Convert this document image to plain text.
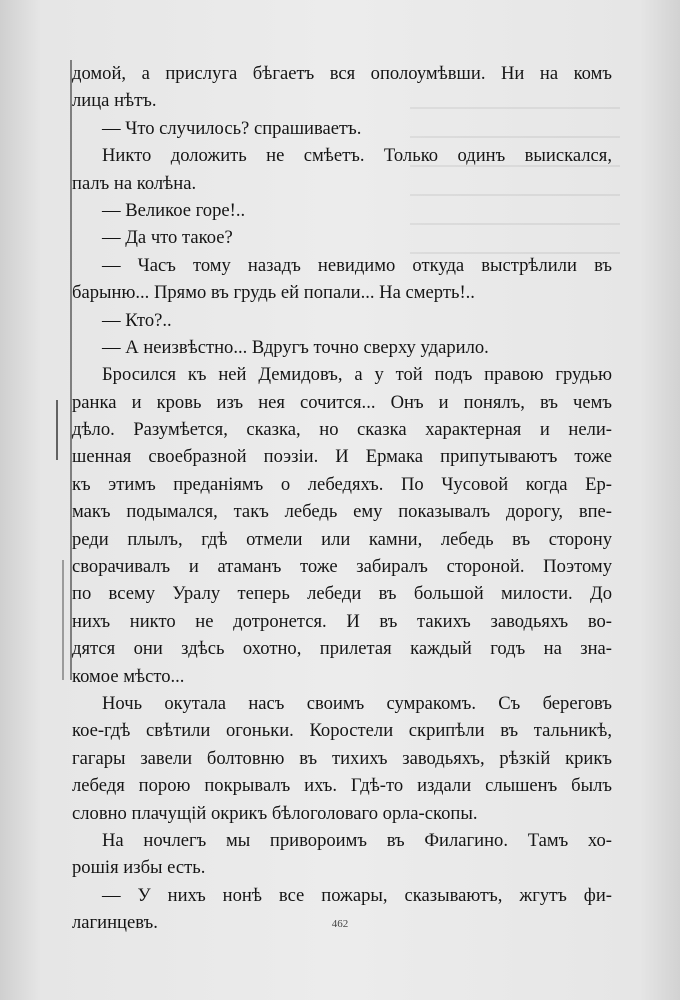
домой, а прислуга бѣгаетъ вся ополоумѣвши. Ни на комъ
лица нѣтъ.
— Что случилось? спрашиваетъ.
Никто доложить не смѣетъ. Только одинъ выискался,
палъ на колѣна.
— Великое горе!..
— Да что такое?
— Часъ тому назадъ невидимо откуда выстрѣлили въ
барыню... Прямо въ грудь ей попали... На смерть!..
— Кто?..
— А неизвѣстно... Вдругъ точно сверху ударило.
Бросился къ ней Демидовъ, а у той подъ правою грудью
ранка и кровь изъ нея сочится... Онъ и понялъ, въ чемъ
дѣло. Разумѣется, сказка, но сказка характерная и нели-
шенная своебразной поэзіи. И Ермака припутываютъ тоже
къ этимъ преданіямъ о лебедяхъ. По Чусовой когда Ер-
макъ подымался, такъ лебедь ему показывалъ дорогу, впе-
реди плылъ, гдѣ отмели или камни, лебедь въ сторону
сворачивалъ и атаманъ тоже забиралъ стороной. Поэтому
по всему Уралу теперь лебеди въ большой милости. До
нихъ никто не дотронется. И въ такихъ заводьяхъ во-
дятся они здѣсь охотно, прилетая каждый годъ на зна-
комое мѣсто...
Ночь окутала насъ своимъ сумракомъ. Съ береговъ
кое-гдѣ свѣтили огоньки. Коростели скрипѣли въ тальникѣ,
гагары завели болтовню въ тихихъ заводьяхъ, рѣзкій крикъ
лебедя порою покрывалъ ихъ. Гдѣ-то издали слышенъ былъ
словно плачущій окрикъ бѣлоголоваго орла-скопы.
На ночлегъ мы привороимъ въ Филагино. Тамъ хо-
рошія избы есть.
— У нихъ нонѣ все пожары, сказываютъ, жгутъ фи-
лагинцевъ.	462
